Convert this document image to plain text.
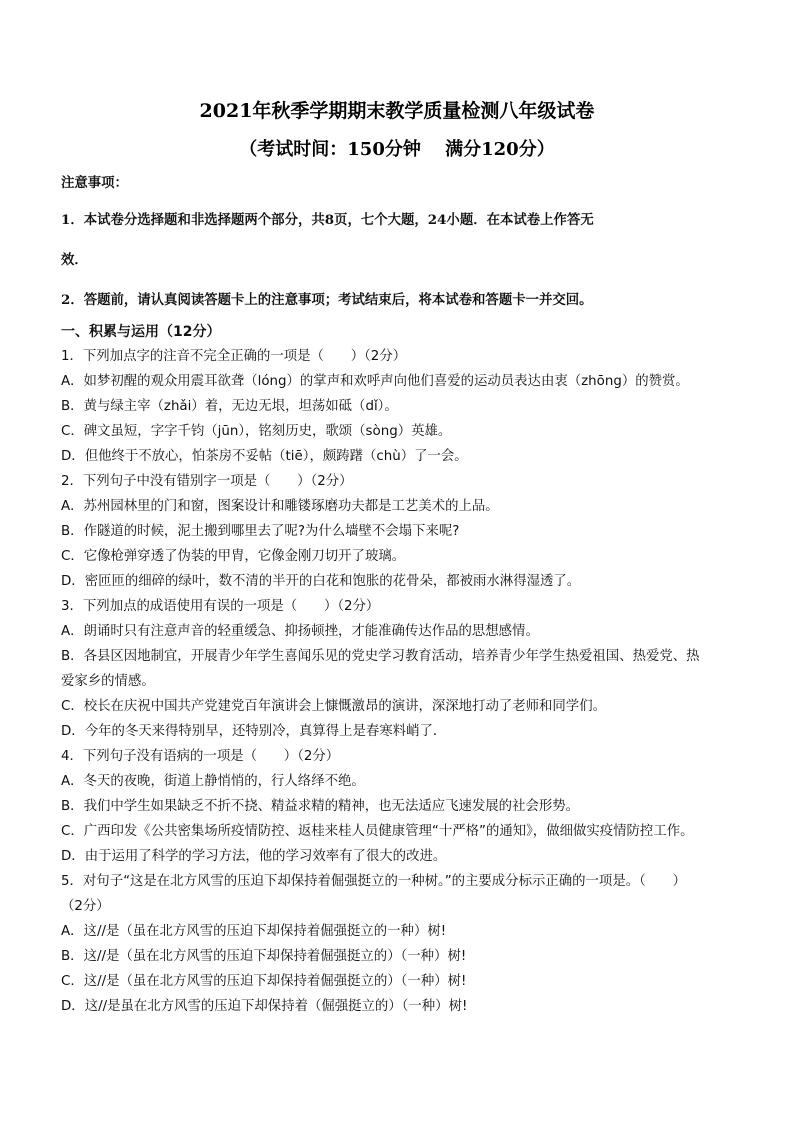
2021年秋季学期期末教学质量检测八年级试卷
（考试时间：150分钟　 满分120分）
注意事项：
1．本试卷分选择题和非选择题两个部分，共8页，七个大题，24小题．在本试卷上作答无
效．
2．答题前，请认真阅读答题卡上的注意事项；考试结束后，将本试卷和答题卡一并交回。
一、积累与运用（12分）
1．下列加点字的注音不完全正确的一项是（　　）（2分）
A．如梦初醒的观众用震耳欲聋（lóng）的掌声和欢呼声向他们喜爱的运动员表达由衷（zhōng）的赞赏。
B．黄与绿主宰（zhǎi）着，无边无垠，坦荡如砥（dǐ）。
C．碑文虽短，字字千钧（jūn），铭刻历史，歌颂（sòng）英雄。
D．但他终于不放心，怕茶房不妥帖（tiē），颇踌躇（chù）了一会。
2．下列句子中没有错别字一项是（　　）（2分）
A．苏州园林里的门和窗，图案设计和雕镂琢磨功夫都是工艺美术的上品。
B．作隧道的时候，泥土搬到哪里去了呢?为什么墙壁不会塌下来呢?
C．它像枪弹穿透了伪装的甲胄，它像金刚刀切开了玻璃。
D．密匝匝的细碎的绿叶，数不清的半开的白花和饱胀的花骨朵，都被雨水淋得湿透了。
3．下列加点的成语使用有误的一项是（　　）（2分）
A．朗诵时只有注意声音的轻重缓急、抑扬顿挫，才能准确传达作品的思想感情。
B．各县区因地制宜，开展青少年学生喜闻乐见的党史学习教育活动，培养青少年学生热爱祖国、热爱党、热
爱家乡的情感。
C．校长在庆祝中国共产党建党百年演讲会上慷慨激昂的演讲，深深地打动了老师和同学们。
D．今年的冬天来得特别早，还特别冷，真算得上是春寒料峭了．
4．下列句子没有语病的一项是（　　）（2分）
A．冬天的夜晚，街道上静悄悄的，行人络绎不绝。
B．我们中学生如果缺乏不折不挠、精益求精的精神，也无法适应飞速发展的社会形势。
C．广西印发《公共密集场所疫情防控、返桂来桂人员健康管理“十严格”的通知》，做细做实疫情防控工作。
D．由于运用了科学的学习方法，他的学习效率有了很大的改进。
5．对句子“这是在北方风雪的压迫下却保持着倔强挺立的一种树。”的主要成分标示正确的一项是。（　　）
（2分）
A．这//是（虽在北方风雪的压迫下却保持着倔强挺立的一种）树!
B．这//是（虽在北方风雪的压迫下却保持着倔强挺立的）（一种）树!
C．这//是（虽在北方风雪的压迫下却保持着倔强挺立的）（一种）树!
D．这//是虽在北方风雪的压迫下却保持着（倔强挺立的）（一种）树!
